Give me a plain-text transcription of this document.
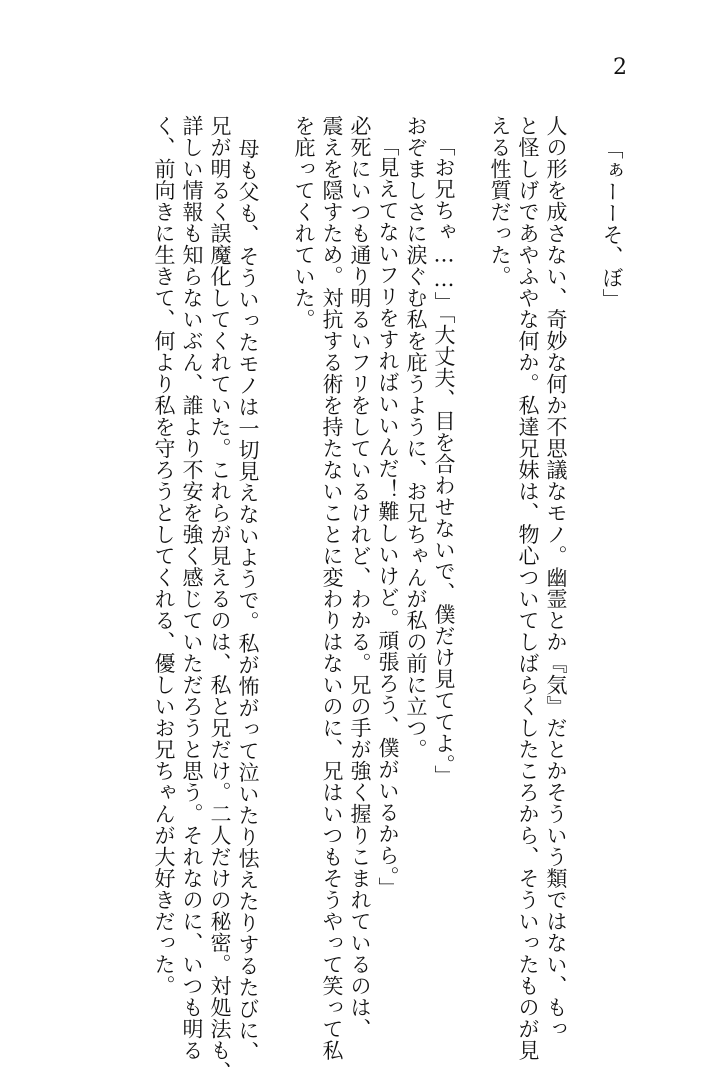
2

「ぁーーそ、ぼ」

人の形を成さない、奇妙な何か不思議なモノ。幽霊とか『気』だとかそういう類ではない、もっ

と怪しげであやふやな何か。私達兄妹は、物心ついてしばらくしたころから、そういったものが見

える性質だった。

「お兄ちゃ……」「大丈夫、目を合わせないで、僕だけ見ててよ。」

おぞましさに涙ぐむ私を庇うように、お兄ちゃんが私の前に立つ。

「見えてないフリをすればいいんだ！難しいけど。頑張ろう、僕がいるから。」

必死にいつも通り明るいフリをしているけれど、わかる。兄の手が強く握りこまれているのは、

震えを隠すため。対抗する術を持たないことに変わりはないのに、兄はいつもそうやって笑って私

を庇ってくれていた。

母も父も、そういったモノは一切見えないようで。私が怖がって泣いたり怯えたりするたびに、

兄が明るく誤魔化してくれていた。これらが見えるのは、私と兄だけ。二人だけの秘密。対処法も、

詳しい情報も知らないぶん、誰より不安を強く感じていただろうと思う。それなのに、いつも明る

く、前向きに生きて、何より私を守ろうとしてくれる、優しいお兄ちゃんが大好きだった。
